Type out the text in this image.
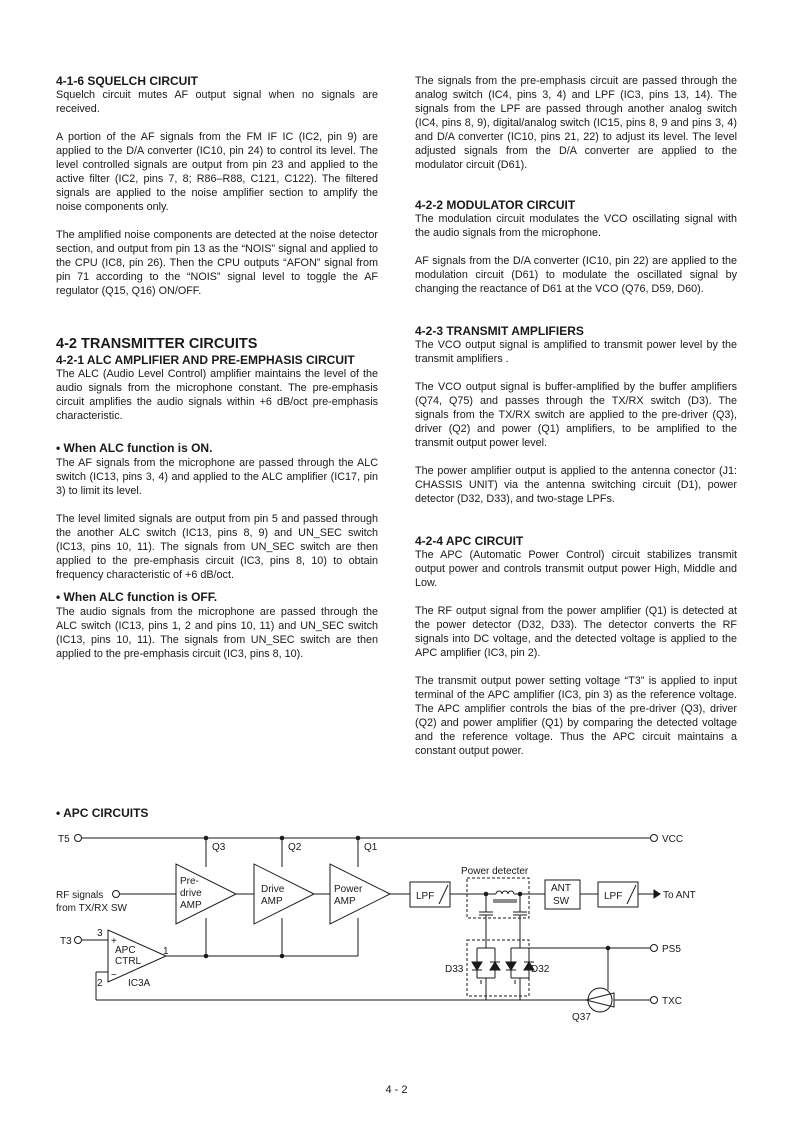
4-1-6 SQUELCH CIRCUIT

Squelch circuit mutes AF output signal when no signals are received.

A portion of the AF signals from the FM IF IC (IC2, pin 9) are applied to the D/A converter (IC10, pin 24) to control its level. The level controlled signals are output from pin 23 and applied to the active filter (IC2, pins 7, 8; R86–R88, C121, C122). The filtered signals are applied to the noise amplifier section to amplify the noise components only.

The amplified noise components are detected at the noise detector section, and output from pin 13 as the “NOIS” signal and applied to the CPU (IC8, pin 26). Then the CPU outputs “AFON” signal from pin 71 according to the “NOIS” signal level to toggle the AF regulator (Q15, Q16) ON/OFF.

4-2 TRANSMITTER CIRCUITS
4-2-1 ALC AMPLIFIER AND PRE-EMPHASIS CIRCUIT

The ALC (Audio Level Control) amplifier maintains the level of the audio signals from the microphone constant. The pre-emphasis circuit amplifies the audio signals within +6 dB/oct pre-emphasis characteristic.

• When ALC function is ON.

The AF signals from the microphone are passed through the ALC switch (IC13, pins 3, 4) and applied to the ALC amplifier (IC17, pin 3) to limit its level.

The level limited signals are output from pin 5 and passed through the another ALC switch (IC13, pins 8, 9) and UN_SEC switch (IC13, pins 10, 11). The signals from UN_SEC switch are then applied to the pre-emphasis circuit (IC3, pins 8, 10) to obtain frequency characteristic of +6 dB/oct.

• When ALC function is OFF.

The audio signals from the microphone are passed through the ALC switch (IC13, pins 1, 2 and pins 10, 11) and UN_SEC switch (IC13, pins 10, 11). The signals from UN_SEC switch are then applied to the pre-emphasis circuit (IC3, pins 8, 10).

The signals from the pre-emphasis circuit are passed through the analog switch (IC4, pins 3, 4) and LPF (IC3, pins 13, 14). The signals from the LPF are passed through another analog switch (IC4, pins 8, 9), digital/analog switch (IC15, pins 8, 9 and pins 3, 4) and D/A converter (IC10, pins 21, 22) to adjust its level. The level adjusted signals from the D/A converter are applied to the modulator circuit (D61).

4-2-2 MODULATOR CIRCUIT

The modulation circuit modulates the VCO oscillating signal with the audio signals from the microphone.

AF signals from the D/A converter (IC10, pin 22) are applied to the modulation circuit (D61) to modulate the oscillated signal by changing the reactance of D61 at the VCO (Q76, D59, D60).

4-2-3 TRANSMIT AMPLIFIERS

The VCO output signal is amplified to transmit power level by the transmit amplifiers .

The VCO output signal is buffer-amplified by the buffer amplifiers (Q74, Q75) and passes through the TX/RX switch (D3). The signals from the TX/RX switch are applied to the pre-driver (Q3), driver (Q2) and power (Q1) amplifiers, to be amplified to the transmit output power level.

The power amplifier output is applied to the antenna conector (J1: CHASSIS UNIT) via the antenna switching circuit (D1), power detector (D32, D33), and two-stage LPFs.

4-2-4 APC CIRCUIT

The APC (Automatic Power Control) circuit stabilizes transmit output power and controls transmit output power High, Middle and Low.

The RF output signal from the power amplifier (Q1) is detected at the power detector (D32, D33). The detector converts the RF signals into DC voltage, and the detected voltage is applied to the APC amplifier (IC3, pin 2).

The transmit output power setting voltage “T3” is applied to input terminal of the APC amplifier (IC3, pin 3) as the reference voltage. The APC amplifier controls the bias of the pre-driver (Q3), driver (Q2) and power amplifier (Q1) by comparing the detected voltage and the reference voltage. Thus the APC circuit maintains a constant output power.

• APC CIRCUITS
T5	VCC
RF signals
from TX/RX SW
T3
3
2
1
+
−
APC
CTRL
IC3A
Pre-
drive
AMP
Drive
AMP
Power
AMP
Q3	Q2	Q1
LPF	LPF
Power detecter
ANT
SW
To ANT
D33	D32
PS5
TXC
Q37
4 - 2
